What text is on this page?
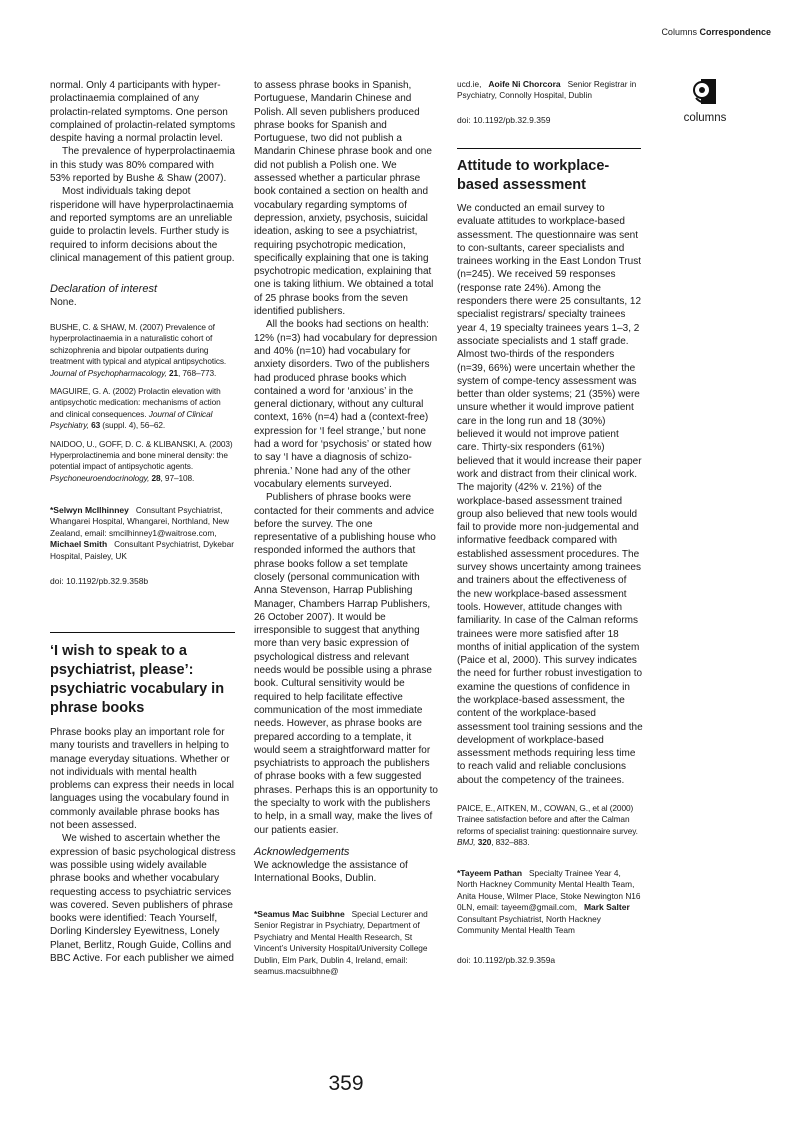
Columns Correspondence
columns

normal. Only 4 participants with hyper-prolactinaemia complained of any prolactin-related symptoms. One person complained of prolactin-related symptoms despite having a normal prolactin level.

The prevalence of hyperprolactinaemia in this study was 80% compared with 53% reported by Bushe & Shaw (2007).

Most individuals taking depot risperidone will have hyperprolactinaemia and reported symptoms are an unreliable guide to prolactin levels. Further study is required to inform decisions about the clinical management of this patient group.

Declaration of interest

None.

BUSHE, C. & SHAW, M. (2007) Prevalence of hyperprolactinaemia in a naturalistic cohort of schizophrenia and bipolar outpatients during treatment with typical and atypical antipsychotics. Journal of Psychopharmacology, 21, 768–773.
MAGUIRE, G. A. (2002) Prolactin elevation with antipsychotic medication: mechanisms of action and clinical consequences. Journal of Clinical Psychiatry, 63 (suppl. 4), 56–62.
NAIDOO, U., GOFF, D. C. & KLIBANSKI, A. (2003) Hyperprolactinemia and bone mineral density: the potential impact of antipsychotic agents. Psychoneuroendocrinology, 28, 97–108.
*Selwyn McIlhinney Consultant Psychiatrist, Whangarei Hospital, Whangarei, Northland, New Zealand, email: smcilhinney1@waitrose.com, Michael Smith Consultant Psychiatrist, Dykebar Hospital, Paisley, UK
doi: 10.1192/pb.32.9.358b
‘I wish to speak to a psychiatrist, please’: psychiatric vocabulary in phrase books

Phrase books play an important role for many tourists and travellers in helping to manage everyday situations. Whether or not individuals with mental health problems can express their needs in local languages using the vocabulary found in commonly available phrase books has not been assessed.

We wished to ascertain whether the expression of basic psychological distress was possible using widely available phrase books and whether vocabulary requesting access to psychiatric services was covered. Seven publishers of phrase books were identified: Teach Yourself, Dorling Kindersley Eyewitness, Lonely Planet, Berlitz, Rough Guide, Collins and BBC Active. For each publisher we aimed

to assess phrase books in Spanish, Portuguese, Mandarin Chinese and Polish. All seven publishers produced phrase books for Spanish and Portuguese, two did not publish a Mandarin Chinese phrase book and one did not publish a Polish one. We assessed whether a particular phrase book contained a section on health and vocabulary regarding symptoms of depression, anxiety, psychosis, suicidal ideation, asking to see a psychiatrist, requiring psychotropic medication, specifically explaining that one is taking psychotropic medication, explaining that one is taking lithium. We obtained a total of 25 phrase books from the seven identified publishers.

All the books had sections on health: 12% (n=3) had vocabulary for depression and 40% (n=10) had vocabulary for anxiety disorders. Two of the publishers had produced phrase books which contained a word for ‘anxious’ in the general dictionary, without any cultural context, 16% (n=4) had a (context-free) expression for ‘I feel strange,’ but none had a word for ‘psychosis’ or stated how to say ‘I have a diagnosis of schizo-phrenia.’ None had any of the other vocabulary elements surveyed.

Publishers of phrase books were contacted for their comments and advice before the survey. The one representative of a publishing house who responded informed the authors that phrase books follow a set template closely (personal communication with Anna Stevenson, Harrap Publishing Manager, Chambers Harrap Publishers, 26 October 2007). It would be irresponsible to suggest that anything more than very basic expression of psychological distress and relevant needs would be possible using a phrase book. Cultural sensitivity would be required to help facilitate effective communication of the most immediate needs. However, as phrase books are prepared according to a template, it would seem a straightforward matter for psychiatrists to approach the publishers of phrase books with a few suggested phrases. Perhaps this is an opportunity to the specialty to work with the publishers to help, in a small way, make the lives of our patients easier.

Acknowledgements

We acknowledge the assistance of International Books, Dublin.

*Seamus Mac Suibhne Special Lecturer and Senior Registrar in Psychiatry, Department of Psychiatry and Mental Health Research, St Vincent’s University Hospital/University College Dublin, Elm Park, Dublin 4, Ireland, email: seamus.macsuibhne@
ucd.ie, Aoife Ni Chorcora Senior Registrar in Psychiatry, Connolly Hospital, Dublin
doi: 10.1192/pb.32.9.359
Attitude to workplace-based assessment

We conducted an email survey to evaluate attitudes to workplace-based assessment. The questionnaire was sent to con-sultants, career specialists and trainees working in the East London Trust (n=245). We received 59 responses (response rate 24%). Among the responders there were 25 consultants, 12 specialist registrars/ specialty trainees year 4, 19 specialty trainees years 1–3, 2 associate specialists and 1 staff grade. Almost two-thirds of the responders (n=39, 66%) were uncertain whether the system of compe-tency assessment was better than older systems; 21 (35%) were unsure whether it would improve patient care in the long run and 18 (30%) believed it would not improve patient care. Thirty-six responders (61%) believed that it would increase their paper work and distract from their clinical work. The majority (42% v. 21%) of the workplace-based assessment trained group also believed that new tools would fail to provide more non-judgemental and informative feedback compared with established assessment procedures. The survey shows uncertainty among trainees and trainers about the effectiveness of the new workplace-based assessment tools. However, attitude changes with familiarity. In case of the Calman reforms trainees were more satisfied after 18 months of initial application of the system (Paice et al, 2000). This survey indicates the need for further robust investigation to examine the questions of confidence in the workplace-based assessment, the content of the workplace-based assessment tool training sessions and the development of workplace-based assessment methods requiring less time to reach valid and reliable conclusions about the competency of the trainees.

PAICE, E., AITKEN, M., COWAN, G., et al (2000) Trainee satisfaction before and after the Calman reforms of specialist training: questionnaire survey. BMJ, 320, 832–883.
*Tayeem Pathan Specialty Trainee Year 4, North Hackney Community Mental Health Team, Anita House, Wilmer Place, Stoke Newington N16 0LN, email: tayeem@gmail.com, Mark Salter   Consultant Psychiatrist, North Hackney Community Mental Health Team
doi: 10.1192/pb.32.9.359a
359
